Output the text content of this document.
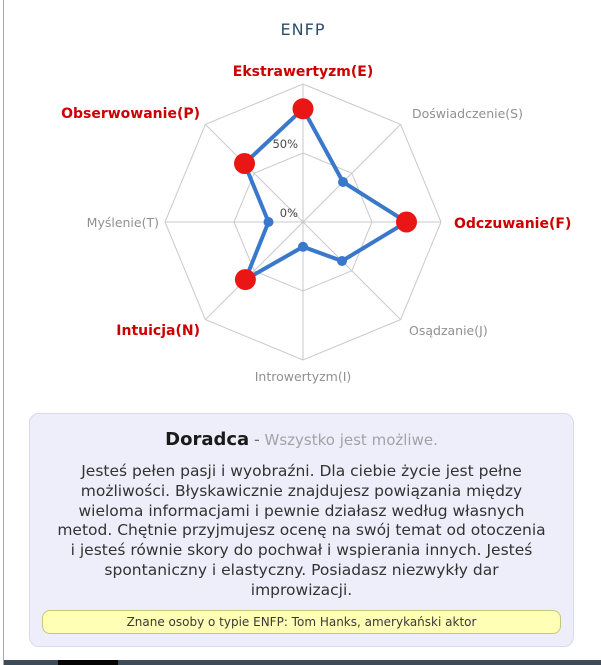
0%
50%
Ekstrawertyzm(E)
Doświadczenie(S)
Odczuwanie(F)
Osądzanie(J)
Introwertyzm(I)
Intuicja(N)
Myślenie(T)
Obserwowanie(P)
ENFP
Doradca - Wszystko jest możliwe.
Jesteś pełen pasji i wyobraźni. Dla ciebie życie jest pełne możliwości. Błyskawicznie znajdujesz powiązania między wieloma informacjami i pewnie działasz według własnych metod. Chętnie przyjmujesz ocenę na swój temat od otoczenia i jesteś równie skory do pochwał i wspierania innych. Jesteś spontaniczny i elastyczny. Posiadasz niezwykły dar improwizacji.
Znane osoby o typie ENFP: Tom Hanks, amerykański aktor
